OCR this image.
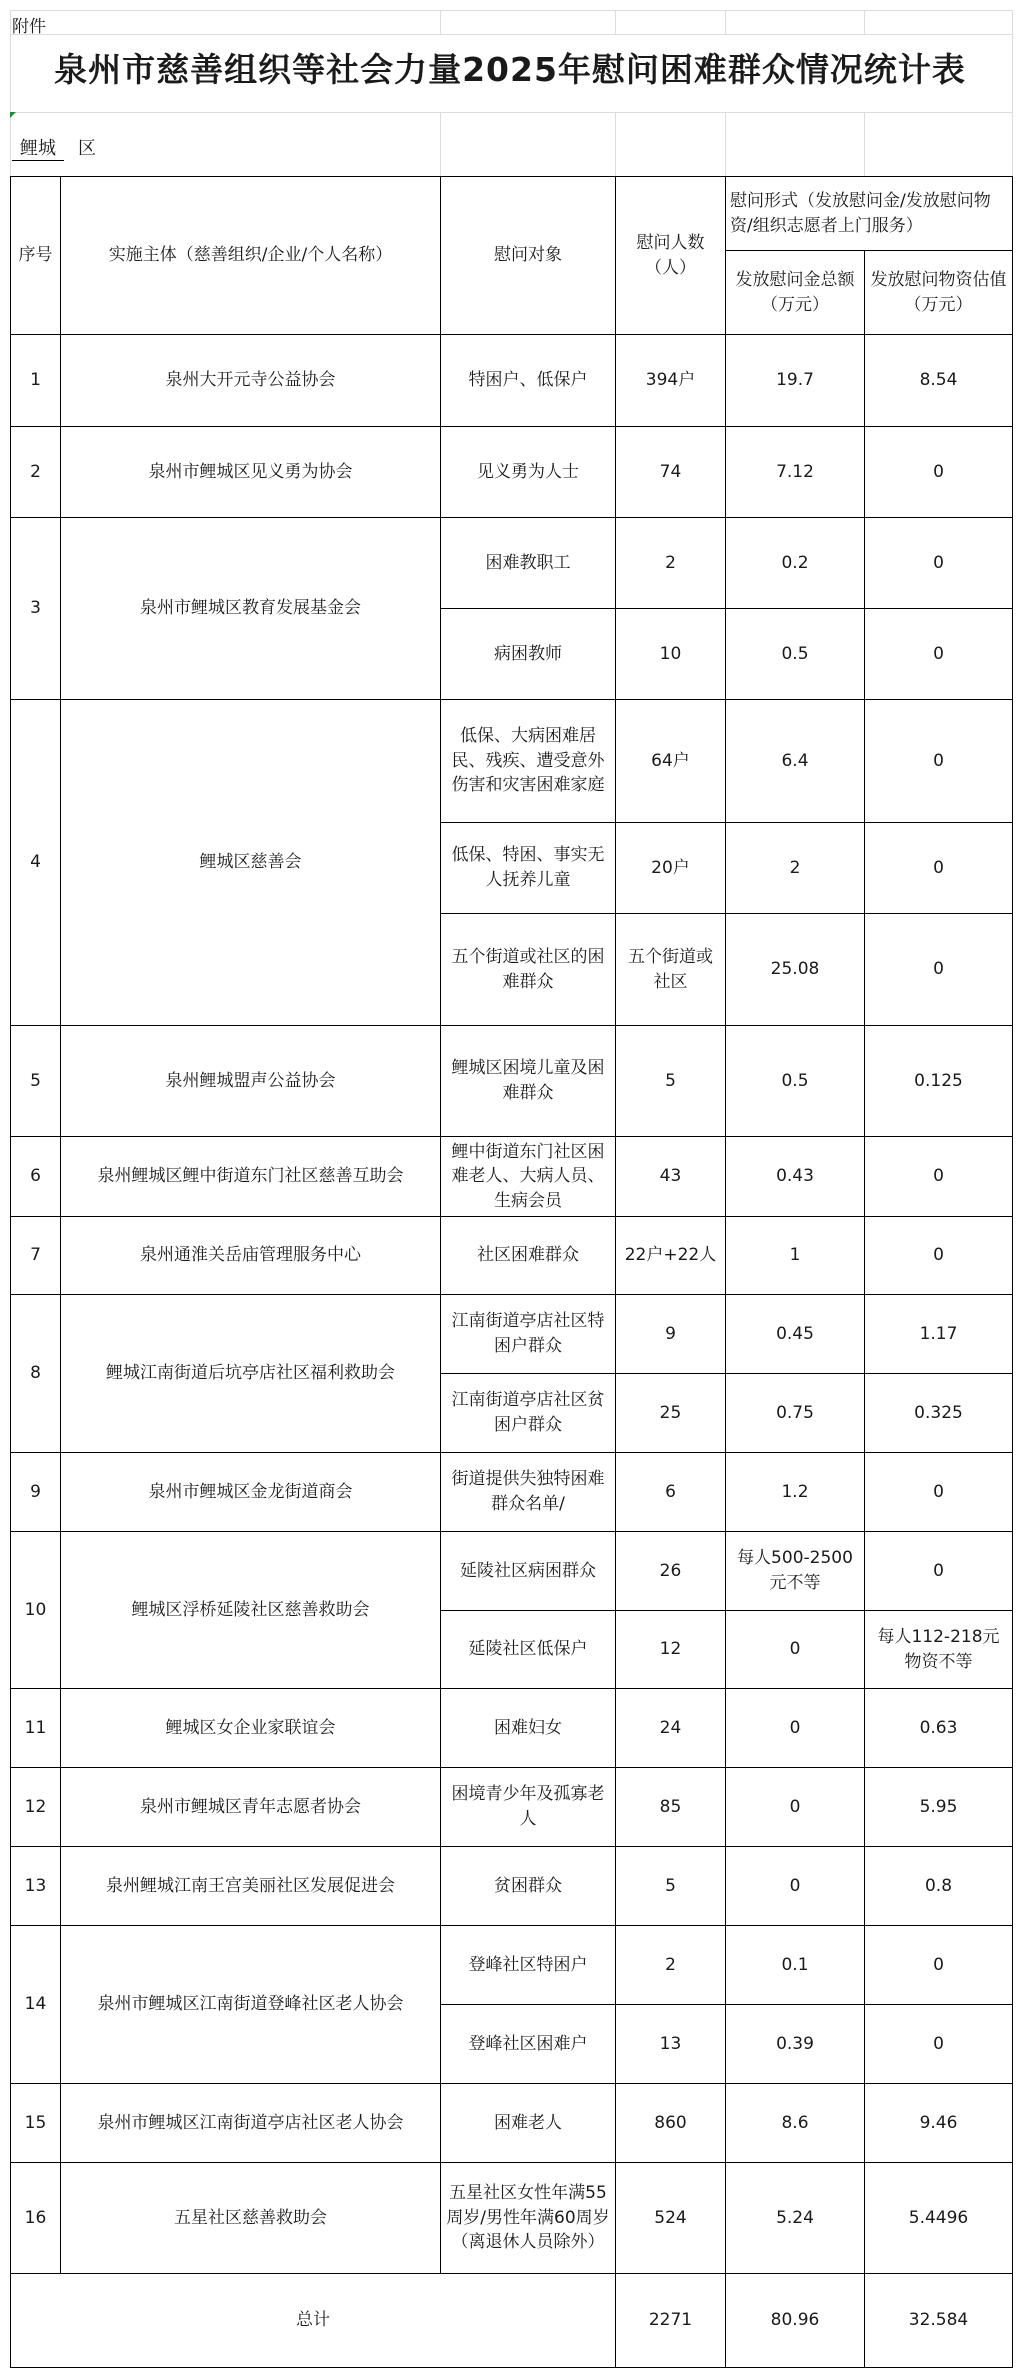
附件
泉州市慈善组织等社会力量2025年慰问困难群众情况统计表
鲤城 区
序号	实施主体（慈善组织/企业/个人名称）	慰问对象	慰问人数（人）	慰问形式（发放慰问金/发放慰问物资/组织志愿者上门服务）	
				发放慰问金总额（万元）	发放慰问物资估值（万元）
1	泉州大开元寺公益协会	特困户、低保户	394户	19.7	8.54
2	泉州市鲤城区见义勇为协会	见义勇为人士	74	7.12	0
3	泉州市鲤城区教育发展基金会	困难教职工	2	0.2	0
		病困教师	10	0.5	0
4	鲤城区慈善会	低保、大病困难居民、残疾、遭受意外伤害和灾害困难家庭	64户	6.4	0
		低保、特困、事实无人抚养儿童	20户	2	0
		五个街道或社区的困难群众	五个街道或社区	25.08	0
5	泉州鲤城盟声公益协会	鲤城区困境儿童及困难群众	5	0.5	0.125
6	泉州鲤城区鲤中街道东门社区慈善互助会	鲤中街道东门社区困难老人、大病人员、生病会员	43	0.43	0
7	泉州通淮关岳庙管理服务中心	社区困难群众	22户+22人	1	0
8	鲤城江南街道后坑亭店社区福利救助会	江南街道亭店社区特困户群众	9	0.45	1.17
		江南街道亭店社区贫困户群众	25	0.75	0.325
9	泉州市鲤城区金龙街道商会	街道提供失独特困难群众名单/	6	1.2	0
10	鲤城区浮桥延陵社区慈善救助会	延陵社区病困群众	26	每人500-2500元不等	0
		延陵社区低保户	12	0	每人112-218元物资不等
11	鲤城区女企业家联谊会	困难妇女	24	0	0.63
12	泉州市鲤城区青年志愿者协会	困境青少年及孤寡老人	85	0	5.95
13	泉州鲤城江南王宫美丽社区发展促进会	贫困群众	5	0	0.8
14	泉州市鲤城区江南街道登峰社区老人协会	登峰社区特困户	2	0.1	0
		登峰社区困难户	13	0.39	0
15	泉州市鲤城区江南街道亭店社区老人协会	困难老人	860	8.6	9.46
16	五星社区慈善救助会	五星社区女性年满55周岁/男性年满60周岁（离退休人员除外）	524	5.24	5.4496
总计			2271	80.96	32.584
